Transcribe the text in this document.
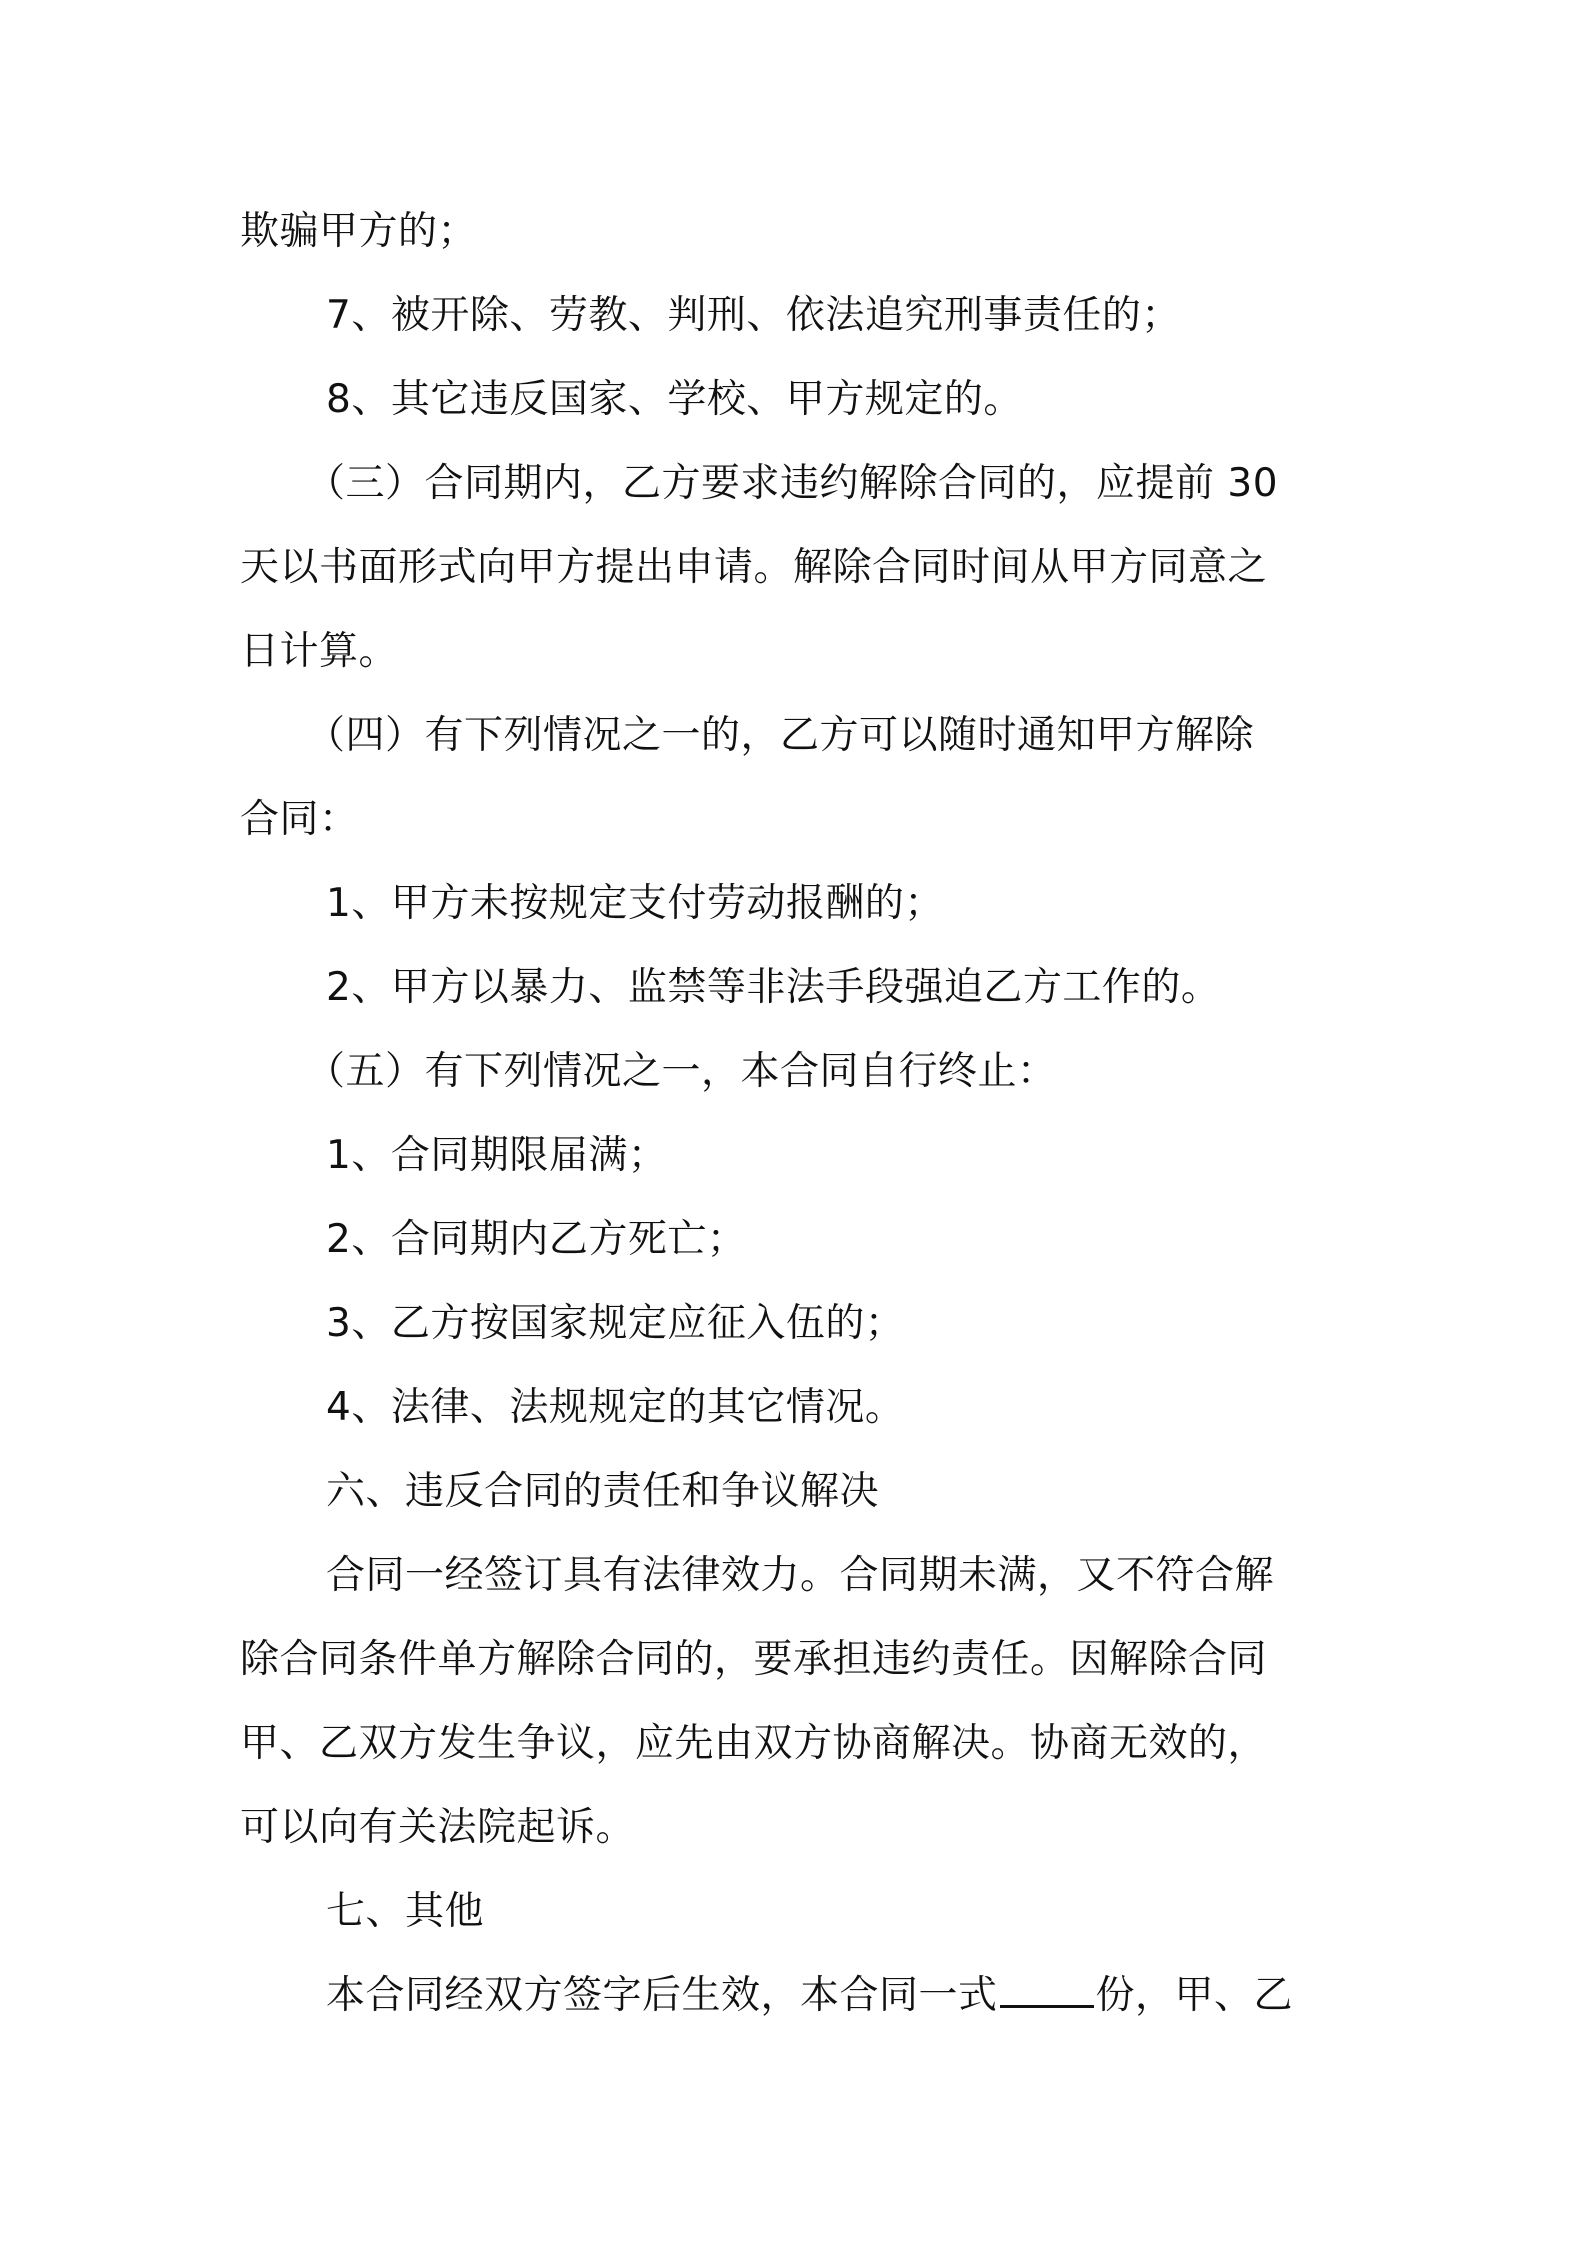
欺骗甲方的；
7、被开除、劳教、判刑、依法追究刑事责任的；
8、其它违反国家、学校、甲方规定的。
（三）合同期内，乙方要求违约解除合同的，应提前 30
天以书面形式向甲方提出申请。解除合同时间从甲方同意之
日计算。
（四）有下列情况之一的，乙方可以随时通知甲方解除
合同：
1、甲方未按规定支付劳动报酬的；
2、甲方以暴力、监禁等非法手段强迫乙方工作的。
（五）有下列情况之一，本合同自行终止：
1、合同期限届满；
2、合同期内乙方死亡；
3、乙方按国家规定应征入伍的；
4、法律、法规规定的其它情况。
六、违反合同的责任和争议解决
合同一经签订具有法律效力。合同期未满，又不符合解
除合同条件单方解除合同的，要承担违约责任。因解除合同
甲、乙双方发生争议，应先由双方协商解决。协商无效的，
可以向有关法院起诉。
七、其他
本合同经双方签字后生效，本合同一式	份，甲、乙
